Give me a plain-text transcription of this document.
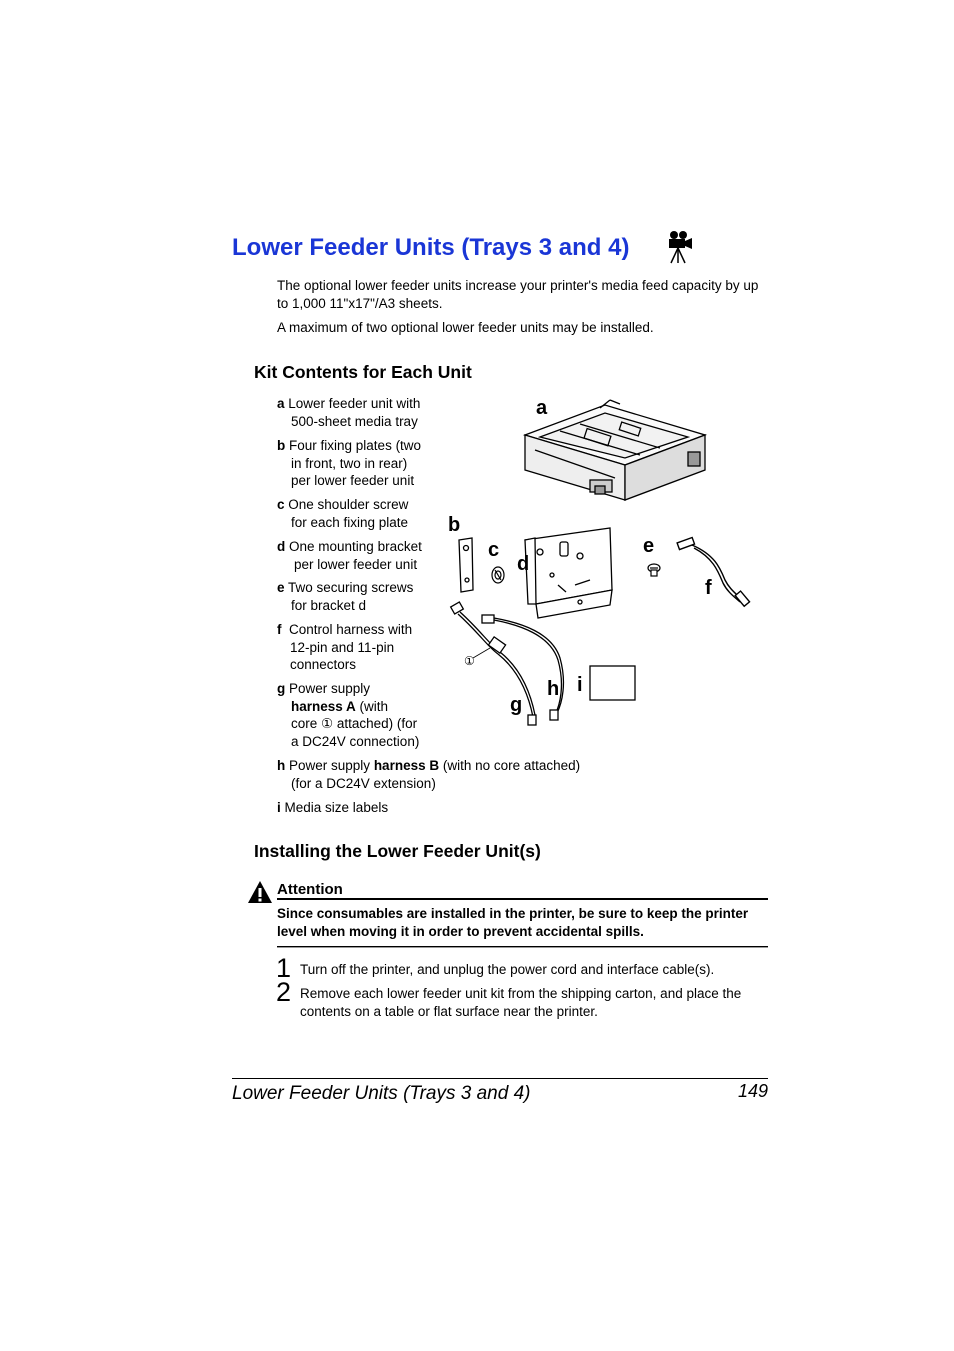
Lower Feeder Units (Trays 3 and 4)

The optional lower feeder units increase your printer's media feed capacity by up to 1,000 11"x17"/A3 sheets.

A maximum of two optional lower feeder units may be installed.

Kit Contents for Each Unit
a Lower feeder unit with
500-sheet media tray
b Four fixing plates (two
in front, two in rear)
per lower feeder unit
c One shoulder screw
for each fixing plate
d One mounting bracket
per lower feeder unit
e Two securing screws
for bracket d
f Control harness with
12-pin and 11-pin
connectors
g Power supply
harness A (with
core ① attached) (for
a DC24V connection)
h Power supply harness B (with no core attached)
(for a DC24V extension)
i Media size labels
①
a
b
c
d
e
f
g
h i
Installing the Lower Feeder Unit(s)
Attention
Since consumables are installed in the printer, be sure to keep the printer level when moving it in order to prevent accidental spills.
1 Turn off the printer, and unplug the power cord and interface cable(s).
2 Remove each lower feeder unit kit from the shipping carton, and place the contents on a table or flat surface near the printer.
Lower Feeder Units (Trays 3 and 4)	149
